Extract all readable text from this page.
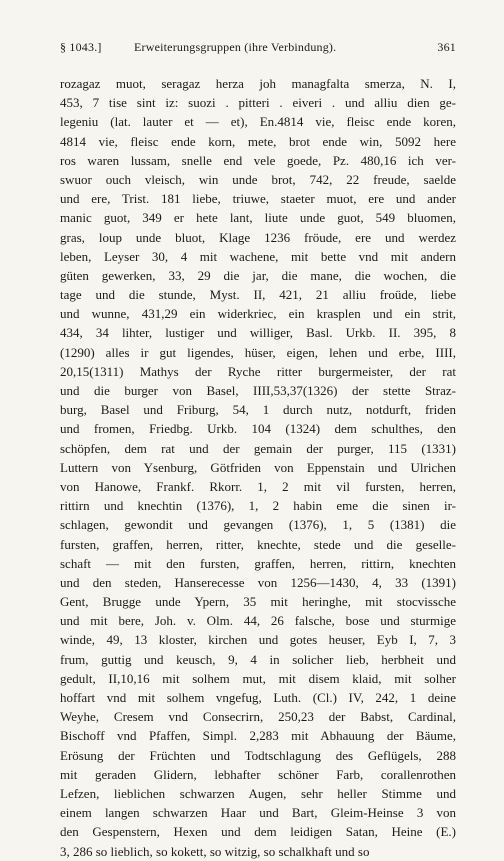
§ 1043.]	Erweiterungsgruppen (ihre Verbindung).	361
rozagaz muot, seragaz herza joh managfalta smerza, N. I,
453, 7 tise sint iz: suozi . pitteri . eiveri . und alliu dien ge-
legeniu (lat. lauter et — et), En.4814 vie, fleisc ende koren,
4814 vie, fleisc ende korn, mete, brot ende win, 5092 here
ros waren lussam, snelle end vele goede, Pz. 480,16 ich ver-
swuor ouch vleisch, win unde brot, 742, 22 freude, saelde
und ere, Trist. 181 liebe, triuwe, staeter muot, ere und ander
manic guot, 349 er hete lant, liute unde guot, 549 bluomen,
gras, loup unde bluot, Klage 1236 fröude, ere und werdez
leben, Leyser 30, 4 mit wachene, mit bette vnd mit andern
güten gewerken, 33, 29 die jar, die mane, die wochen, die
tage und die stunde, Myst. II, 421, 21 alliu froüde, liebe
und wunne, 431,29 ein widerkriec, ein krasplen und ein strit,
434, 34 lihter, lustiger und williger, Basl. Urkb. II. 395, 8
(1290) alles ir gut ligendes, hüser, eigen, lehen und erbe, IIII,
20,15(1311) Mathys der Ryche ritter burgermeister, der rat
und die burger von Basel, IIII,53,37(1326) der stette Straz-
burg, Basel und Friburg, 54, 1 durch nutz, notdurft, friden
und fromen, Friedbg. Urkb. 104 (1324) dem schulthes, den
schöpfen, dem rat und der gemain der purger, 115 (1331)
Luttern von Ysenburg, Götfriden von Eppenstain und Ulrichen
von Hanowe, Frankf. Rkorr. 1, 2 mit vil fursten, herren,
rittirn und knechtin (1376), 1, 2 habin eme die sinen ir-
schlagen, gewondit und gevangen (1376), 1, 5 (1381) die
fursten, graffen, herren, ritter, knechte, stede und die geselle-
schaft — mit den fursten, graffen, herren, rittirn, knechten
und den steden, Hanserecesse von 1256—1430, 4, 33 (1391)
Gent, Brugge unde Ypern, 35 mit heringhe, mit stocvissche
und mit bere, Joh. v. Olm. 44, 26 falsche, bose und sturmige
winde, 49, 13 kloster, kirchen und gotes heuser, Eyb I, 7, 3
frum, guttig und keusch, 9, 4 in solicher lieb, herbheit und
gedult, II,10,16 mit solhem mut, mit disem klaid, mit solher
hoffart vnd mit solhem vngefug, Luth. (Cl.) IV, 242, 1 deine
Weyhe, Cresem vnd Consecrirn, 250,23 der Babst, Cardinal,
Bischoff vnd Pfaffen, Simpl. 2,283 mit Abhauung der Bäume,
Erösung der Früchten und Todtschlagung des Geflügels, 288
mit geraden Glidern, lebhafter schöner Farb, corallenrothen
Lefzen, lieblichen schwarzen Augen, sehr heller Stimme und
einem langen schwarzen Haar und Bart, Gleim-Heinse 3 von
den Gespenstern, Hexen und dem leidigen Satan, Heine (E.)
3, 286 so lieblich, so kokett, so witzig, so schalkhaft und so
